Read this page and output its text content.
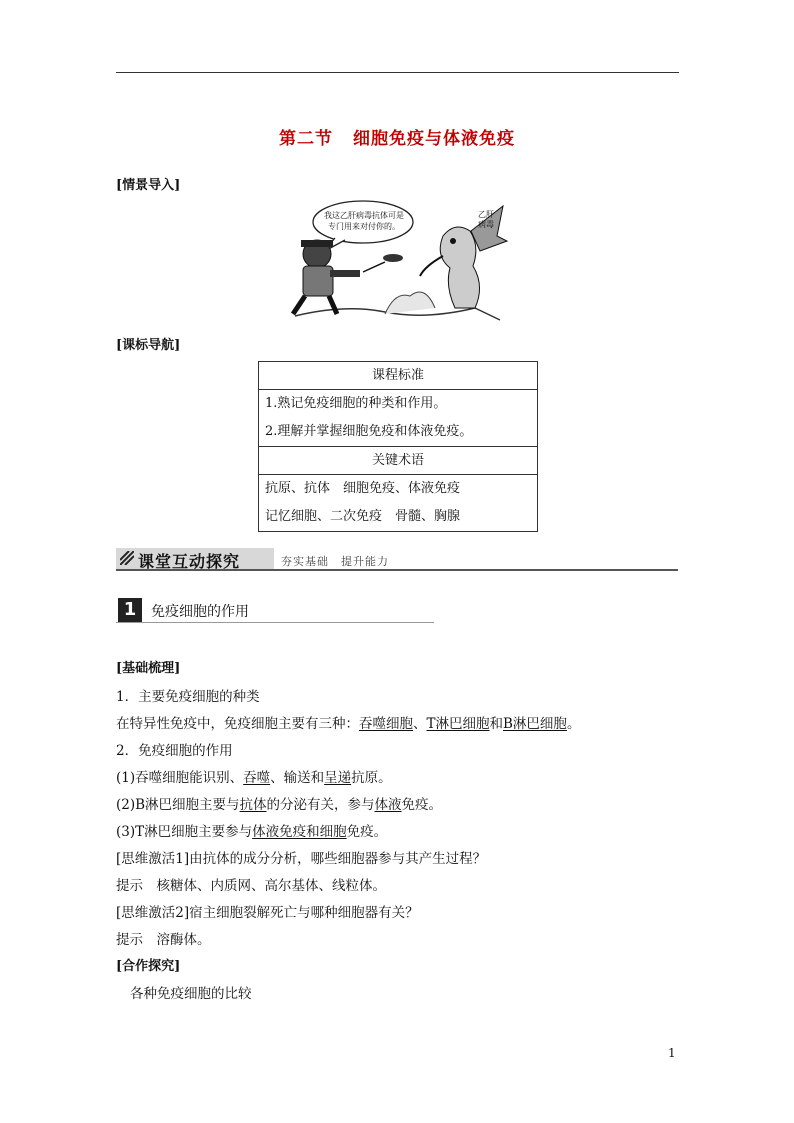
第二节 细胞免疫与体液免疫
[情景导入]
我这乙肝病毒抗体可是专门用来对付你的。
乙肝病毒
[课标导航]
课程标准

1.熟记免疫细胞的种类和作用。

2.理解并掌握细胞免疫和体液免疫。

关键术语

抗原、抗体　细胞免疫、体液免疫

记忆细胞、二次免疫　骨髓、胸腺

课堂互动探究	夯实基础　提升能力
1	免疫细胞的作用
[基础梳理]
1．主要免疫细胞的种类
在特异性免疫中，免疫细胞主要有三种：吞噬细胞、T淋巴细胞和B淋巴细胞。
2．免疫细胞的作用
(1)吞噬细胞能识别、吞噬、输送和呈递抗原。
(2)B淋巴细胞主要与抗体的分泌有关，参与体液免疫。
(3)T淋巴细胞主要参与体液免疫和细胞免疫。
[思维激活1]由抗体的成分分析，哪些细胞器参与其产生过程？
提示　核糖体、内质网、高尔基体、线粒体。
[思维激活2]宿主细胞裂解死亡与哪种细胞器有关？
提示　溶酶体。
[合作探究]
各种免疫细胞的比较
1
